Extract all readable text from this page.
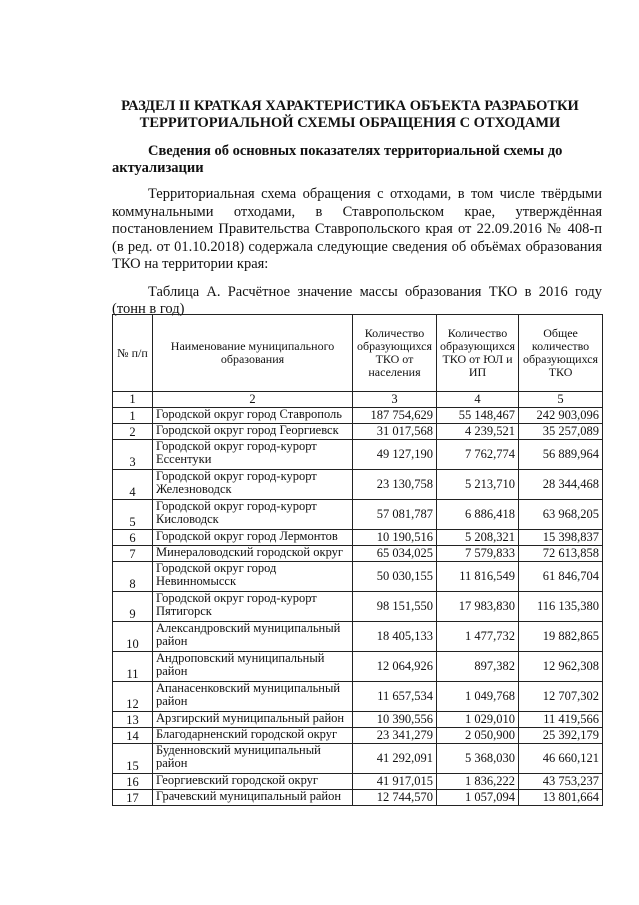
РАЗДЕЛ II КРАТКАЯ ХАРАКТЕРИСТИКА ОБЪЕКТА РАЗРАБОТКИ ТЕРРИТОРИАЛЬНОЙ СХЕМЫ ОБРАЩЕНИЯ С ОТХОДАМИ
Сведения об основных показателях территориальной схемы до актуализации
Территориальная схема обращения с отходами, в том числе твёрдыми коммунальными отходами, в Ставропольском крае, утверждённая постановлением Правительства Ставропольского края от 22.09.2016 № 408-п (в ред. от 01.10.2018) содержала следующие сведения об объёмах образования ТКО на территории края:
Таблица А. Расчётное значение массы образования ТКО в 2016 году (тонн в год)
№ п/п	Наименование муниципального образования	Количество образующихся ТКО от населения	Количество образующихся ТКО от ЮЛ и ИП	Общее количество образующихся ТКО
1	2	3	4	5
1	Городской округ город Ставрополь	187 754,629	55 148,467	242 903,096
2	Городской округ город Георгиевск	31 017,568	4 239,521	35 257,089
3	Городской округ город-курорт Ессентуки	49 127,190	7 762,774	56 889,964
4	Городской округ город-курорт Железноводск	23 130,758	5 213,710	28 344,468
5	Городской округ город-курорт Кисловодск	57 081,787	6 886,418	63 968,205
6	Городской округ город Лермонтов	10 190,516	5 208,321	15 398,837
7	Минераловодский городской округ	65 034,025	7 579,833	72 613,858
8	Городской округ город Невинномысск	50 030,155	11 816,549	61 846,704
9	Городской округ город-курорт Пятигорск	98 151,550	17 983,830	116 135,380
10	Александровский муниципальный район	18 405,133	1 477,732	19 882,865
11	Андроповский муниципальный район	12 064,926	897,382	12 962,308
12	Апанасенковский муниципальный район	11 657,534	1 049,768	12 707,302
13	Арзгирский муниципальный район	10 390,556	1 029,010	11 419,566
14	Благодарненский городской округ	23 341,279	2 050,900	25 392,179
15	Буденновский муниципальный район	41 292,091	5 368,030	46 660,121
16	Георгиевский городской округ	41 917,015	1 836,222	43 753,237
17	Грачевский муниципальный район	12 744,570	1 057,094	13 801,664
